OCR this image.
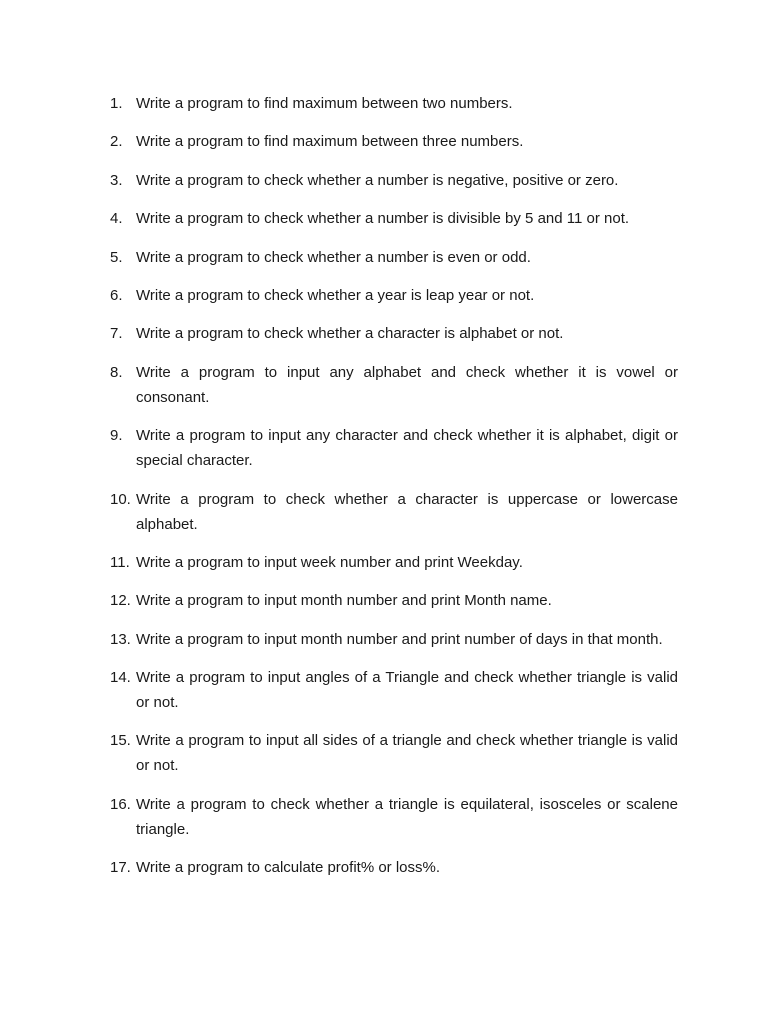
1. Write a program to find maximum between two numbers.
2. Write a program to find maximum between three numbers.
3. Write a program to check whether a number is negative, positive or zero.
4. Write a program to check whether a number is divisible by 5 and 11 or not.
5. Write a program to check whether a number is even or odd.
6. Write a program to check whether a year is leap year or not.
7. Write a program to check whether a character is alphabet or not.
8. Write a program to input any alphabet and check whether it is vowel or consonant.
9. Write a program to input any character and check whether it is alphabet, digit or special character.
10. Write a program to check whether a character is uppercase or lowercase alphabet.
11. Write a program to input week number and print Weekday.
12. Write a program to input month number and print Month name.
13. Write a program to input month number and print number of days in that month.
14. Write a program to input angles of a Triangle and check whether triangle is valid or not.
15. Write a program to input all sides of a triangle and check whether triangle is valid or not.
16. Write a program to check whether a triangle is equilateral, isosceles or scalene triangle.
17. Write a program to calculate profit% or loss%.
